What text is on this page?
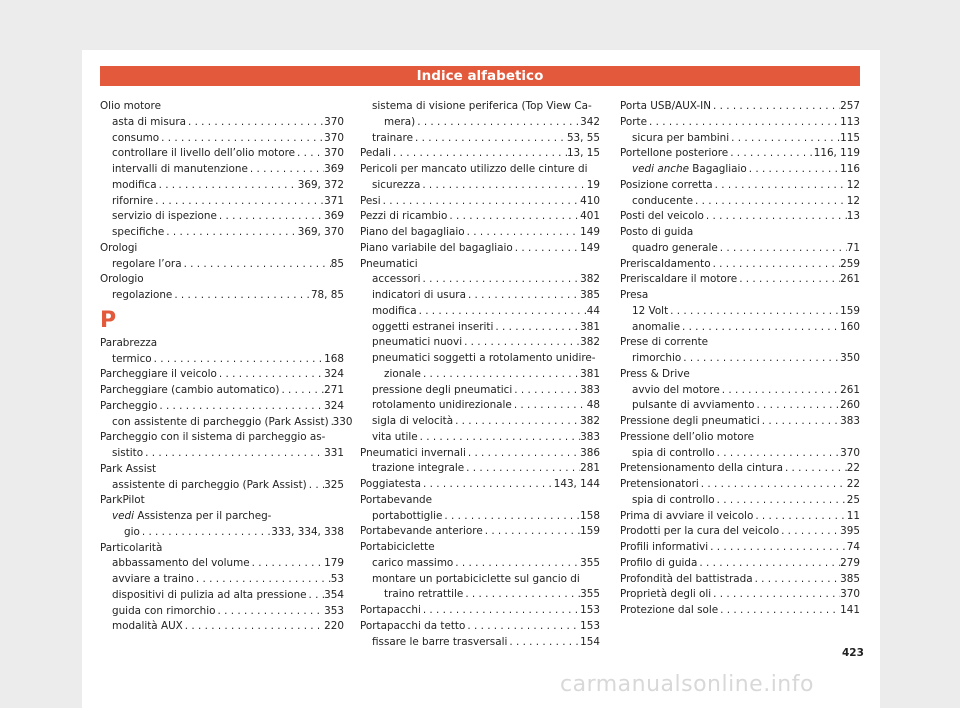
Indice alfabetico
Olio motore
asta di misura . . .	370
consumo . . .	370
controllare il livello dell’olio motore . . .	370
intervalli di manutenzione . . .	369
modifica . . .	369, 372
rifornire . . .	371
servizio di ispezione . . .	369
specifiche . . .	369, 370
Orologi
regolare l’ora . . .	85
Orologio
regolazione . . .	78, 85
P
Parabrezza
termico . . .	168
Parcheggiare il veicolo . . .	324
Parcheggiare (cambio automatico) . . .	271
Parcheggio . . .	324
con assistente di parcheggio (Park Assist) . . . 330
Parcheggio con il sistema di parcheggio as-
sistito . . .	331
Park Assist
assistente di parcheggio (Park Assist) . . . 325
ParkPilot
vedi Assistenza per il parcheg-
gio . . .	333, 334, 338
Particolarità
abbassamento del volume . . .	179
avviare a traino . . .	53
dispositivi di pulizia ad alta pressione . . . 354
guida con rimorchio . . .	353
modalità AUX . . .	220
sistema di visione periferica (Top View Ca-
mera) . . .	342
trainare . . .	53, 55
Pedali . . .	13, 15
Pericoli per mancato utilizzo delle cinture di
sicurezza . . .	19
Pesi . . .	410
Pezzi di ricambio . . .	401
Piano del bagagliaio . . .	149
Piano variabile del bagagliaio . . .	149
Pneumatici
accessori . . .	382
indicatori di usura . . .	385
modifica . . .	44
oggetti estranei inseriti . . .	381
pneumatici nuovi . . .	382
pneumatici soggetti a rotolamento unidire-
zionale . . .	381
pressione degli pneumatici . . .	383
rotolamento unidirezionale . . .	48
sigla di velocità . . .	382
vita utile . . .	383
Pneumatici invernali . . .	386
trazione integrale . . .	281
Poggiatesta . . .	143, 144
Portabevande
portabottiglie . . .	158
Portabevande anteriore . . .	159
Portabiciclette
carico massimo . . .	355
montare un portabiciclette sul gancio di
traino retrattile . . .	355
Portapacchi . . .	153
Portapacchi da tetto . . .	153
fissare le barre trasversali . . .	154
Porta USB/AUX-IN . . .	257
Porte . . .	113
sicura per bambini . . .	115
Portellone posteriore . . .	116, 119
vedi anche Bagagliaio . . .	116
Posizione corretta . . .	12
conducente . . .	12
Posti del veicolo . . .	13
Posto di guida
quadro generale . . .	71
Preriscaldamento . . .	259
Preriscaldare il motore . . .	261
Presa
12 Volt . . .	159
anomalie . . .	160
Prese di corrente
rimorchio . . .	350
Press & Drive
avvio del motore . . .	261
pulsante di avviamento . . .	260
Pressione degli pneumatici . . .	383
Pressione dell’olio motore
spia di controllo . . .	370
Pretensionamento della cintura . . .	22
Pretensionatori . . .	22
spia di controllo . . .	25
Prima di avviare il veicolo . . .	11
Prodotti per la cura del veicolo . . .	395
Profili informativi . . .	74
Profilo di guida . . .	279
Profondità del battistrada . . .	385
Proprietà degli oli . . .	370
Protezione dal sole . . .	141
423
carmanualsonline.info
